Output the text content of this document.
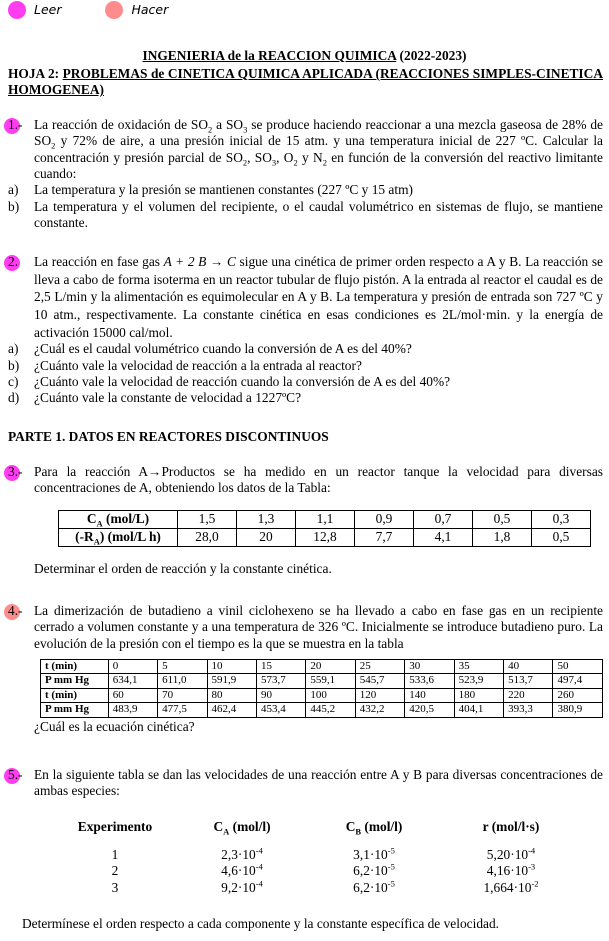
Leer	Hacer
INGENIERIA de la REACCION QUIMICA (2022-2023)
HOJA 2: PROBLEMAS de CINETICA QUIMICA APLICADA (REACCIONES SIMPLES-CINETICA HOMOGENEA)
1.- La reacción de oxidación de $SO_2$ a $SO_3$ se produce haciendo reaccionar a una mezcla gaseosa de 28% de $SO_2$ y 72% de aire, a una presión inicial de 15 atm. y una temperatura inicial de 227 ºC. Calcular la concentración y presión parcial de $SO_2$, $SO_3$, $O_2$ y $N_2$ en función de la conversión del reactivo limitante cuando:
a) La temperatura y la presión se mantienen constantes (227 ºC y 15 atm)
b) La temperatura y el volumen del recipiente, o el caudal volumétrico en sistemas de flujo, se mantiene constante.
2. La reacción en fase gas A + 2 B → C sigue una cinética de primer orden respecto a A y B. La reacción se lleva a cabo de forma isoterma en un reactor tubular de flujo pistón. A la entrada al reactor el caudal es de 2,5 L/min y la alimentación es equimolecular en A y B. La temperatura y presión de entrada son 727 ºC y 10 atm., respectivamente. La constante cinética en esas condiciones es 2L/mol·min. y la energía de activación 15000 cal/mol.
a) ¿Cuál es el caudal volumétrico cuando la conversión de A es del 40%?
b) ¿Cuánto vale la velocidad de reacción a la entrada al reactor?
c) ¿Cuánto vale la velocidad de reacción cuando la conversión de A es del 40%?
d) ¿Cuánto vale la constante de velocidad a 1227ºC?
PARTE 1. DATOS EN REACTORES DISCONTINUOS
3.- Para la reacción A→Productos se ha medido en un reactor tanque la velocidad para diversas concentraciones de A, obteniendo los datos de la Tabla:
$C_A$ (mol/L)	1,5	1,3	1,1	0,9	0,7	0,5	0,3
$(-R_A)$ (mol/L h)	28,0	20	12,8	7,7	4,1	1,8	0,5
Determinar el orden de reacción y la constante cinética.
4.- La dimerización de butadieno a vinil ciclohexeno se ha llevado a cabo en fase gas en un recipiente cerrado a volumen constante y a una temperatura de 326 ºC. Inicialmente se introduce butadieno puro. La evolución de la presión con el tiempo es la que se muestra en la tabla
t (min)	0	5	10	15	20	25	30	35	40	50
P mm Hg	634,1	611,0	591,9	573,7	559,1	545,7	533,6	523,9	513,7	497,4
t (min)	60	70	80	90	100	120	140	180	220	260
P mm Hg	483,9	477,5	462,4	453,4	445,2	432,2	420,5	404,1	393,3	380,9
¿Cuál es la ecuación cinética?
5.- En la siguiente tabla se dan las velocidades de una reacción entre A y B para diversas concentraciones de ambas especies:
Experimento	$C_A$ (mol/l)	$C_B$ (mol/l)	r (mol/l·s)
1	$2,3\cdot 10^{-4}$	$3,1\cdot 10^{-5}$	$5,20\cdot 10^{-4}$
2	$4,6\cdot 10^{-4}$	$6,2\cdot 10^{-5}$	$4,16\cdot 10^{-3}$
3	$9,2\cdot 10^{-4}$	$6,2\cdot 10^{-5}$	$1,664\cdot 10^{-2}$
Determínese el orden respecto a cada componente y la constante específica de velocidad.
